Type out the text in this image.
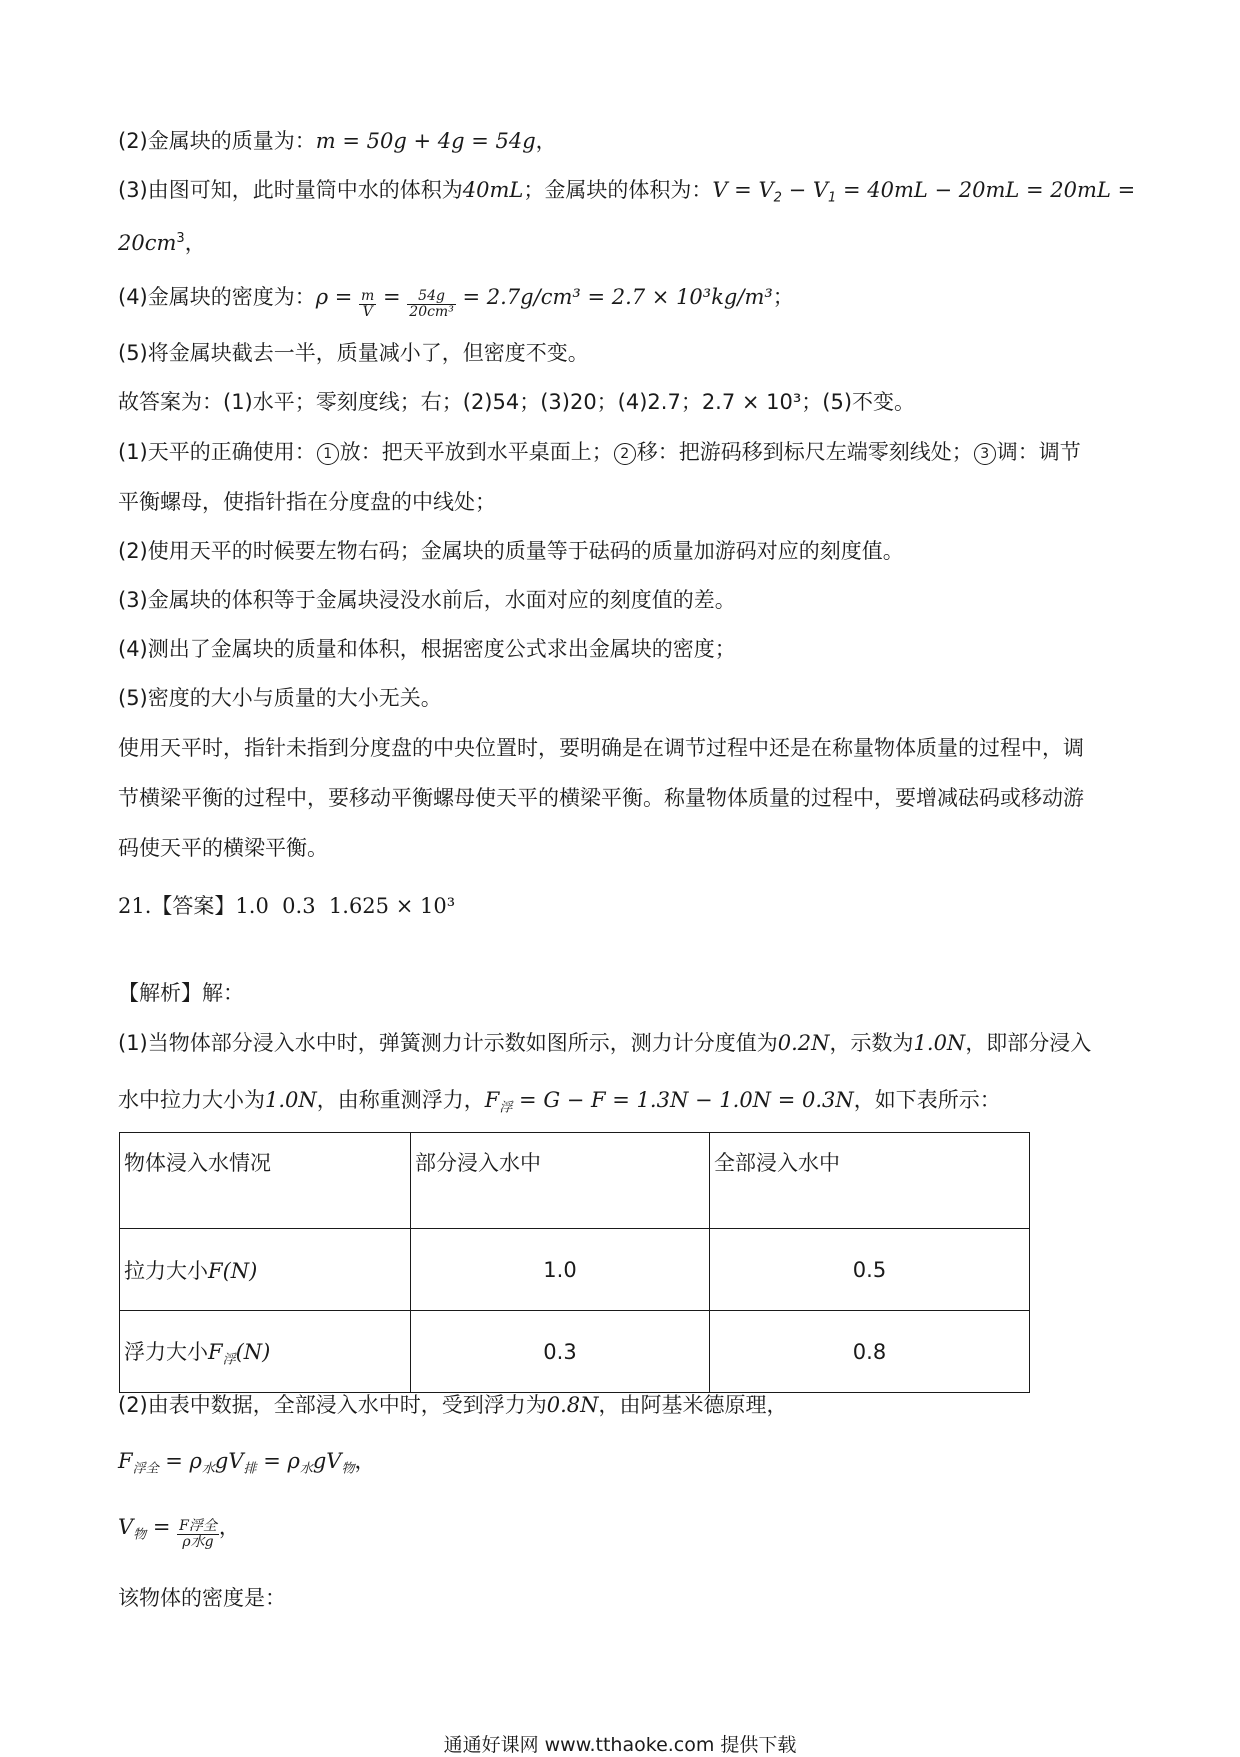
(2)金属块的质量为：m = 50g + 4g = 54g，
(3)由图可知，此时量筒中水的体积为40mL；金属块的体积为：$V = V_2 - V_1 = 40mL - 20mL = 20mL$ =
$20cm^3$，
(4)金属块的密度为：$\rho = \frac{m}{V} = \frac{54g}{\text{20cm³}} = 2.7g/cm^3 = 2.7 \times 10^3kg/m^3$；
(5)将金属块截去一半，质量减小了，但密度不变。
故答案为：(1)水平；零刻度线；右；(2)54；(3)20；(4)2.7；2.7 × 10³；(5)不变。
(1)天平的正确使用： 1 放：把天平放到水平桌面上； 2 移：把游码移到标尺左端零刻线处； 3 调：调节
平衡螺母，使指针指在分度盘的中线处；
(2)使用天平的时候要左物右码；金属块的质量等于砝码的质量加游码对应的刻度值。
(3)金属块的体积等于金属块浸没水前后，水面对应的刻度值的差。
(4)测出了金属块的质量和体积，根据密度公式求出金属块的密度；
(5)密度的大小与质量的大小无关。
使用天平时，指针未指到分度盘的中央位置时，要明确是在调节过程中还是在称量物体质量的过程中，调
节横梁平衡的过程中，要移动平衡螺母使天平的横梁平衡。称量物体质量的过程中，要增减砝码或移动游
码使天平的横梁平衡。
21.【答案】1.0  0.3  1.625 × 10³
【解析】解：
(1)当物体部分浸入水中时，弹簧测力计示数如图所示，测力计分度值为0.2N，示数为1.0N，即部分浸入
水中拉力大小为1.0N，由称重测浮力，$F_浮 = G - F = 1.3N - 1.0N = 0.3N$，如下表所示：
物体浸入水情况	部分浸入水中	全部浸入水中
拉力大小F(N)	1.0	0.5
浮力大小$F_浮(N)$	0.3	0.8
(2)由表中数据，全部浸入水中时，受到浮力为0.8N，由阿基米德原理，
$F_{浮全} = \rho_水gV_排 = \rho_水gV_物$，
$V_物 = \frac{\text{F浮全}}{\text{ρ水g}}$ ，
该物体的密度是：
通通好课网 www.tthaoke.com 提供下载
